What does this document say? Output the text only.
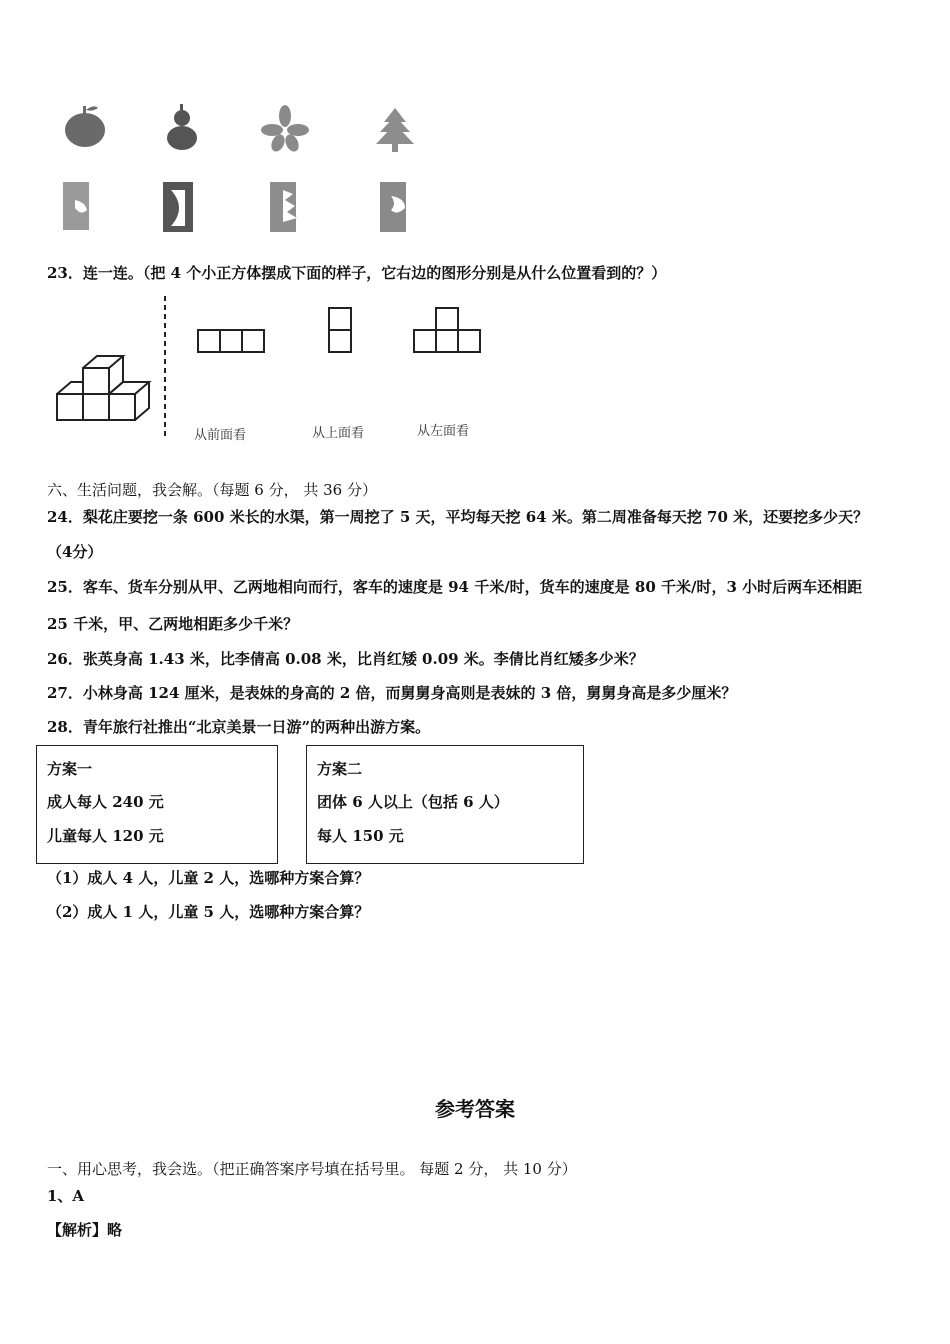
23．连一连。（把 4 个小正方体摆成下面的样子，它右边的图形分别是从什么位置看到的？）
从前面看	从上面看	从左面看
六、生活问题，我会解。（每题 6 分， 共 36 分）
24．梨花庄要挖一条 600 米长的水渠，第一周挖了 5 天，平均每天挖 64 米。第二周准备每天挖 70 米，还要挖多少天？
（4分）
25．客车、货车分别从甲、乙两地相向而行，客车的速度是 94 千米/时，货车的速度是 80 千米/时，3 小时后两车还相距
25 千米，甲、乙两地相距多少千米？
26．张英身高 1.43 米，比李倩高 0.08 米，比肖红矮 0.09 米。李倩比肖红矮多少米？
27．小林身高 124 厘米，是表妹的身高的 2 倍，而舅舅身高则是表妹的 3 倍，舅舅身高是多少厘米？
28．青年旅行社推出“北京美景一日游”的两种出游方案。
方案一
成人每人 240 元
儿童每人 120 元
方案二
团体 6 人以上（包括 6 人）
每人 150 元
（1）成人 4 人，儿童 2 人，选哪种方案合算？
（2）成人 1 人，儿童 5 人，选哪种方案合算？
参考答案
一、用心思考，我会选。（把正确答案序号填在括号里。 每题 2 分， 共 10 分）
1、A
【解析】略
